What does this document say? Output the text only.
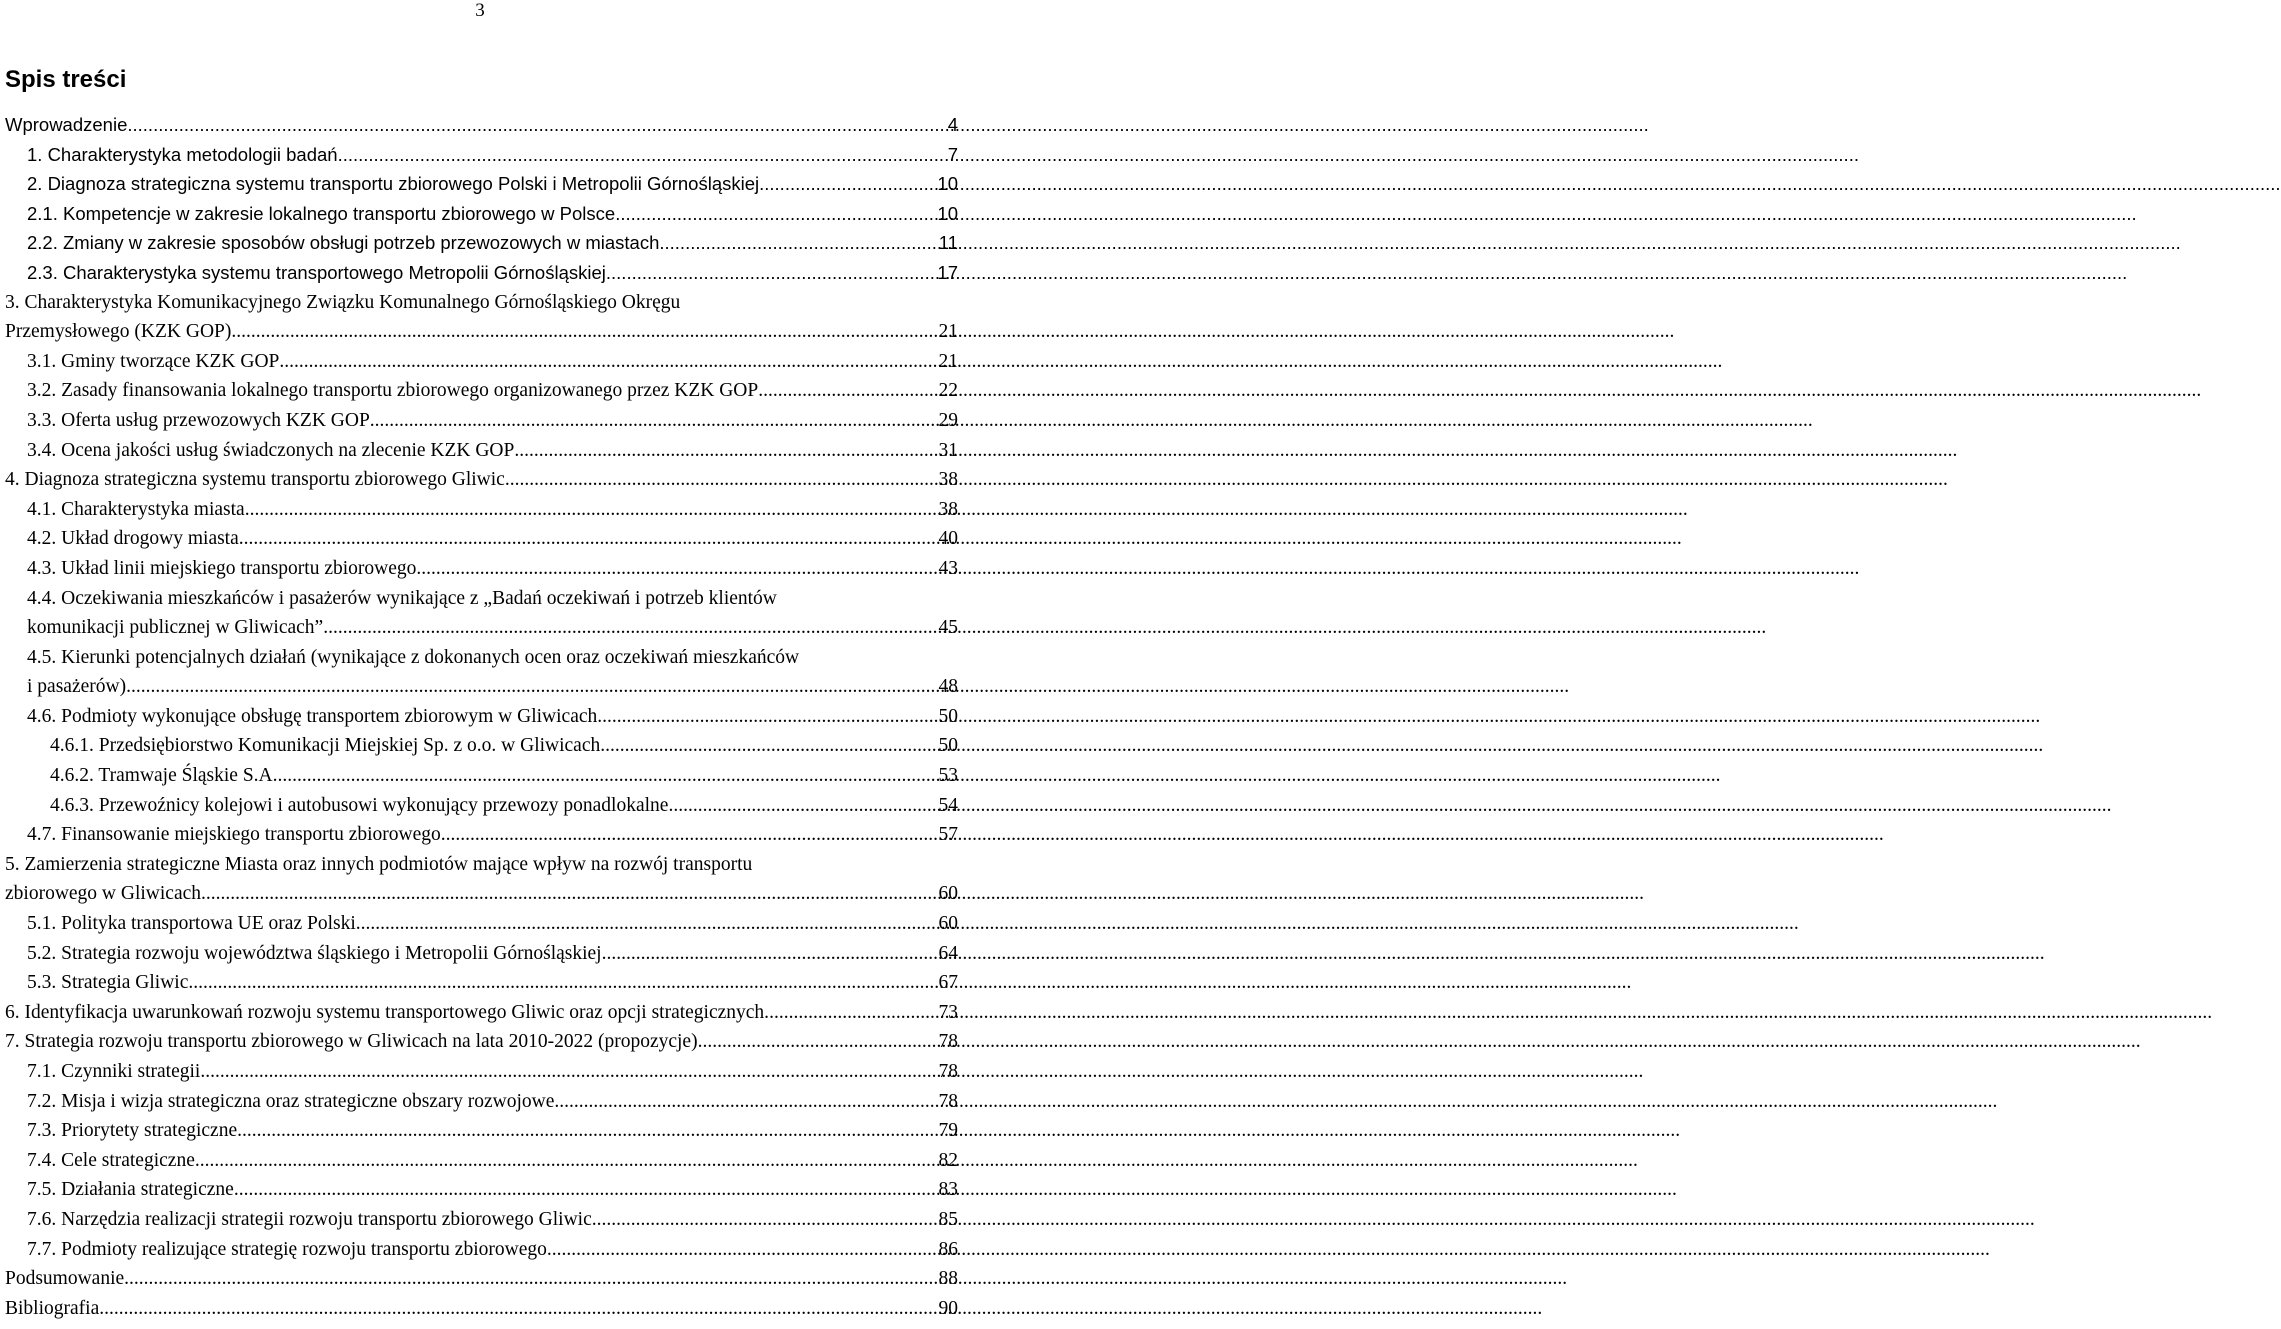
3
Spis treści
Wprowadzenie .....	4
1. Charakterystyka metodologii badań .....	7
2. Diagnoza strategiczna systemu transportu zbiorowego Polski i Metropolii Górnośląskiej .....	10
2.1. Kompetencje w zakresie lokalnego transportu zbiorowego w Polsce .....	10
2.2. Zmiany w zakresie sposobów obsługi potrzeb przewozowych w miastach .....	11
2.3. Charakterystyka systemu transportowego Metropolii Górnośląskiej .....	17
3. Charakterystyka Komunikacyjnego Związku Komunalnego Górnośląskiego Okręgu
Przemysłowego (KZK GOP) .....	21
3.1. Gminy tworzące KZK GOP .....	21
3.2. Zasady finansowania lokalnego transportu zbiorowego organizowanego przez KZK GOP .....	22
3.3. Oferta usług przewozowych KZK GOP .....	29
3.4. Ocena jakości usług świadczonych na zlecenie KZK GOP .....	31
4. Diagnoza strategiczna systemu transportu zbiorowego Gliwic .....	38
4.1. Charakterystyka miasta .....	38
4.2. Układ drogowy miasta .....	40
4.3. Układ linii miejskiego transportu zbiorowego .....	43
4.4. Oczekiwania mieszkańców i pasażerów wynikające z „Badań oczekiwań i potrzeb klientów
komunikacji publicznej w Gliwicach” .....	45
4.5. Kierunki potencjalnych działań (wynikające z dokonanych ocen oraz oczekiwań mieszkańców
i pasażerów) .....	48
4.6. Podmioty wykonujące obsługę transportem zbiorowym w Gliwicach .....	50
4.6.1. Przedsiębiorstwo Komunikacji Miejskiej Sp. z o.o. w Gliwicach .....	50
4.6.2. Tramwaje Śląskie S.A. .....	53
4.6.3. Przewoźnicy kolejowi i autobusowi wykonujący przewozy ponadlokalne .....	54
4.7. Finansowanie miejskiego transportu zbiorowego .....	57
5. Zamierzenia strategiczne Miasta oraz innych podmiotów mające wpływ na rozwój transportu
zbiorowego w Gliwicach .....	60
5.1. Polityka transportowa UE oraz Polski .....	60
5.2. Strategia rozwoju województwa śląskiego i Metropolii Górnośląskiej .....	64
5.3. Strategia Gliwic .....	67
6. Identyfikacja uwarunkowań rozwoju systemu transportowego Gliwic oraz opcji strategicznych. .....	73
7. Strategia rozwoju transportu zbiorowego w Gliwicach na lata 2010-2022 (propozycje) .....	78
7.1. Czynniki strategii .....	78
7.2. Misja i wizja strategiczna oraz strategiczne obszary rozwojowe .....	78
7.3. Priorytety strategiczne .....	79
7.4. Cele strategiczne .....	82
7.5. Działania strategiczne .....	83
7.6. Narzędzia realizacji strategii rozwoju transportu zbiorowego Gliwic .....	85
7.7. Podmioty realizujące strategię rozwoju transportu zbiorowego .....	86
Podsumowanie .....	88
Bibliografia .....	90
